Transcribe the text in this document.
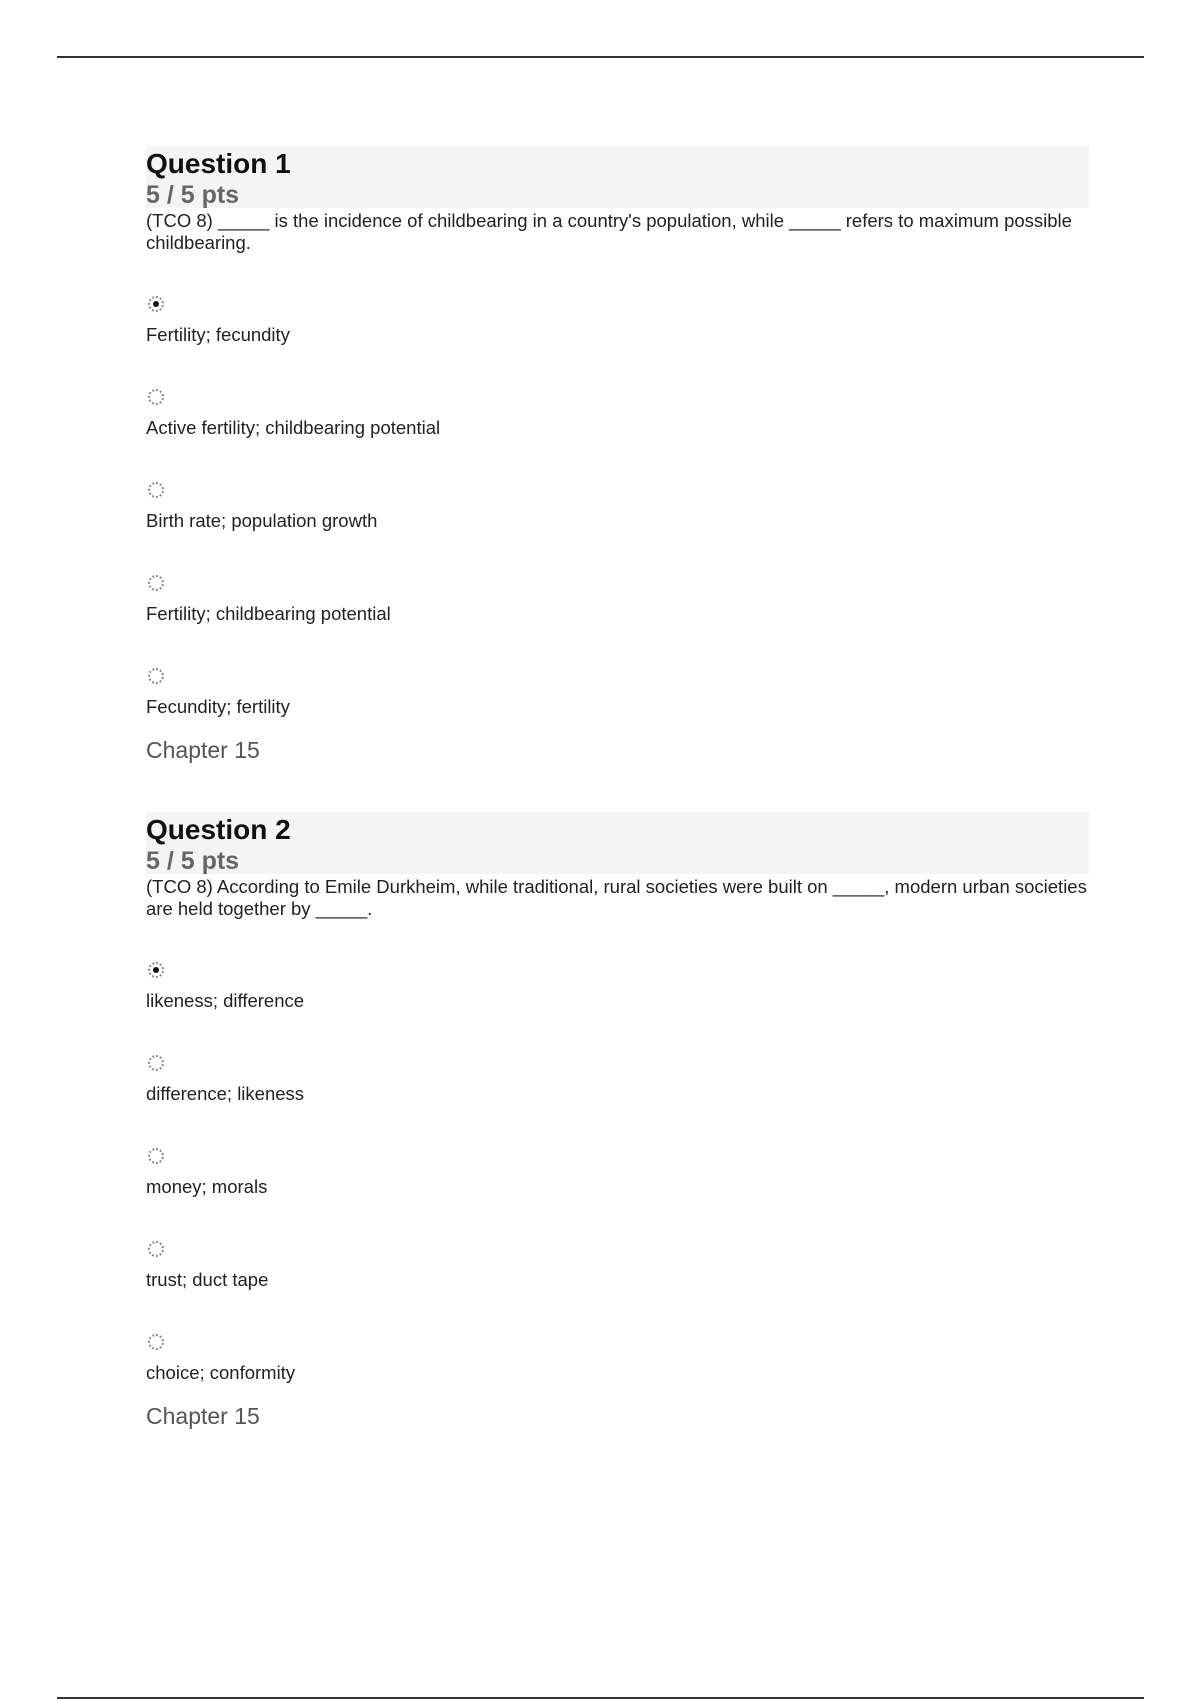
Question 1
5 / 5 pts
(TCO 8) _____ is the incidence of childbearing in a country's population, while _____ refers to maximum possible childbearing.
Fertility; fecundity
Active fertility; childbearing potential
Birth rate; population growth
Fertility; childbearing potential
Fecundity; fertility
Chapter 15
Question 2
5 / 5 pts
(TCO 8) According to Emile Durkheim, while traditional, rural societies were built on _____, modern urban societies are held together by _____.
likeness; difference
difference; likeness
money; morals
trust; duct tape
choice; conformity
Chapter 15
